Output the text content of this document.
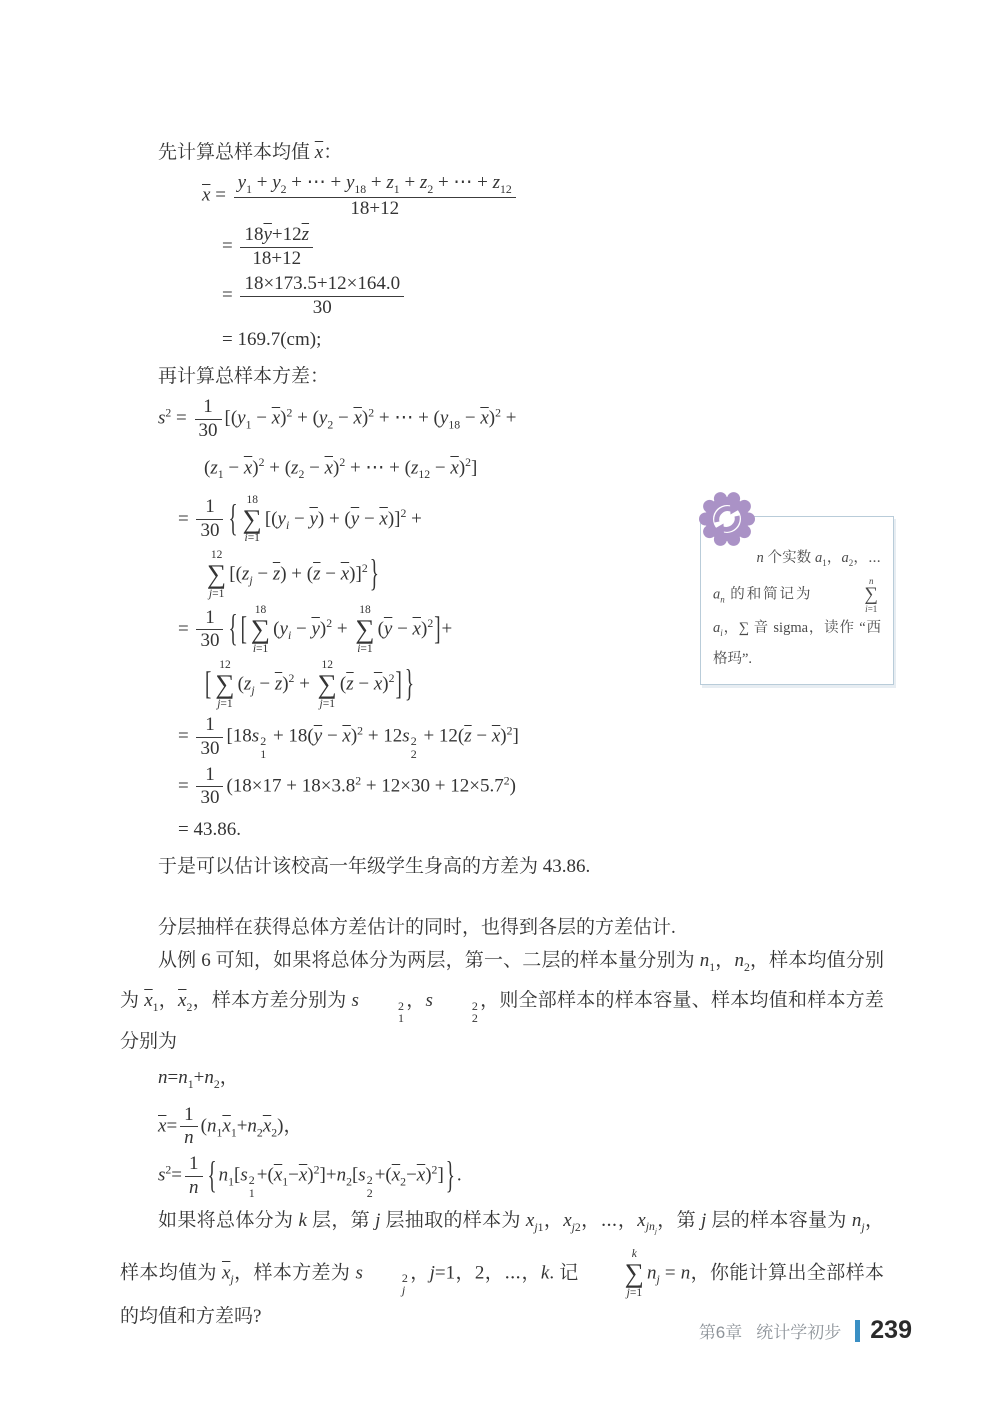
先计算总样本均值 $\overline{x}$：

$\overline{x} = \frac{y_1 + y_2 + \cdots + y_{18} + z_1 + z_2 + \cdots + z_{12}}{18+12}$
= $\frac{18\overline{y}+12\overline{z}}{18+12}$
= $\frac{18\times 173.5+12\times 164.0}{30}$
= 169.7(cm);

再计算总样本方差：

$s^2 = \frac{1}{30} [(y_1 - \overline{x})^2 + (y_2 - \overline{x})^2$ + ⋯ + $(y_{18} - \overline{x})^2$ +
$(z_1 - \overline{x})^2 + (z_2 - \overline{x})^2$ + ⋯ + $(z_{12} - \overline{x})^2$]
= $\frac{1}{30}$ { 18
∑
i=1
$[(y_i - \overline{y}) + (\overline{y} - \overline{x})]^2$ +
12
∑
j=1
$[(z_j - \overline{z}) + (\overline{z} - \overline{x})]^2$ }
= $\frac{1}{30}$ { [
18
∑
i=1
$(y_i - \overline{y})^2$ +
18
∑
i=1
$(\overline{y} - \overline{x})^2]+$
[
12
∑
j=1
$(z_j - \overline{z})^2$ +
12
∑
j=1
$(\overline{z} - \overline{x})^2$] }
= $\frac{1}{30} [18s$ 2
1
+ $18(\overline{y} - \overline{x})^2 + 12s$ 2
2
+ $12(\overline{z} - \overline{x})^2$]
= $\frac{1}{30} (18\times 17 + 18\times 3.8^2 + 12\times 30 + 12\times 5.7^2)$
= 43.86.

于是可以估计该校高一年级学生身高的方差为 43.86.

分层抽样在获得总体方差估计的同时，也得到各层的方差估计.

从例 6 可知，如果将总体分为两层，第一、二层的样本量分别为 $n_1$，$n_2$，样本均值分别为 $\overline{x}_1$，$\overline{x}_2$，样本方差分别为 s	2
1
，s	2
2
，则全部样本的样本容量、样本均值和样本方差分别为

$n=n_1+n_2$，
$\overline{x}= \frac{1}{n} (n_1\overline{x}_1+n_2\overline{x}_2)$，
$s^2= \frac{1}{n}$ { $n_1[s$ 2
1
$+(\overline{x}_1-\overline{x})^2]+n_2[s$ 2
2
$+(\overline{x}_2-\overline{x})^2$] } .

如果将总体分为 k 层，第 j 层抽取的样本为 $x_{j1}$，$x_{j2}$，⋯，$x_{jn_j}$，第 j 层的样本容量为 $n_j$，样本均值为 $\overline{x}_j$，样本方差为 s	2
j
，j=1，2，⋯，k. 记
k
∑
j=1
$n_j = n$，你能计算出全部样本的均值和方差吗?

n 个实数 $a_1$，$a_2$，⋯ $a_n$ 的和简记为
n
∑
i=1
$a_i$，∑ 音 sigma，读作 “西格玛”.

第6章 统计学初步 239
